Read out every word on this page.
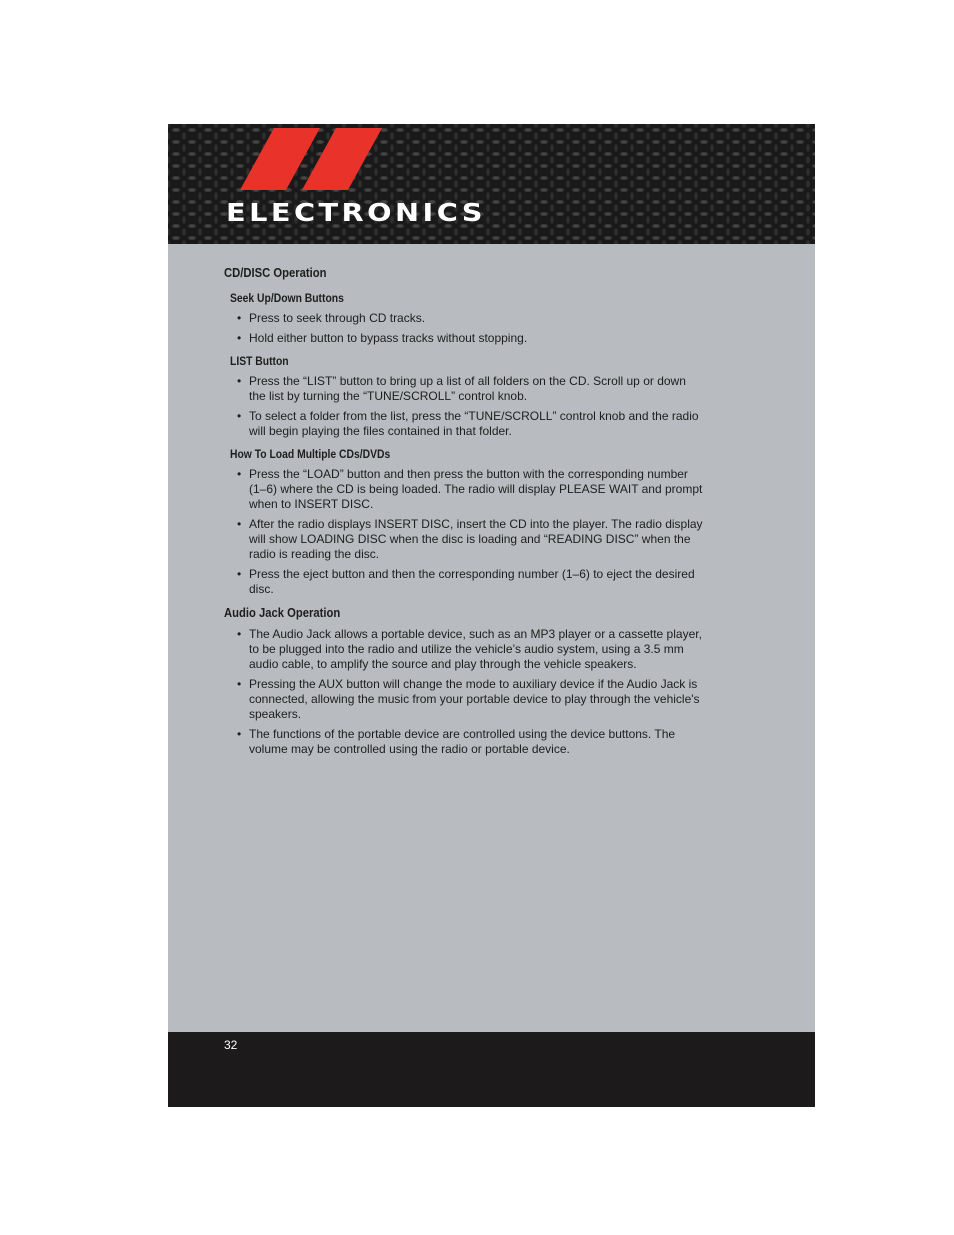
ELECTRONICS
CD/DISC Operation
Seek Up/Down Buttons
• Press to seek through CD tracks.
• Hold either button to bypass tracks without stopping.
LIST Button
• Press the “LIST” button to bring up a list of all folders on the CD. Scroll up or down the list by turning the “TUNE/SCROLL” control knob.
• To select a folder from the list, press the “TUNE/SCROLL” control knob and the radio will begin playing the files contained in that folder.
How To Load Multiple CDs/DVDs
• Press the “LOAD” button and then press the button with the corresponding number (1–6) where the CD is being loaded. The radio will display PLEASE WAIT and prompt when to INSERT DISC.
• After the radio displays INSERT DISC, insert the CD into the player. The radio display will show LOADING DISC when the disc is loading and “READING DISC” when the radio is reading the disc.
• Press the eject button and then the corresponding number (1–6) to eject the desired disc.
Audio Jack Operation
• The Audio Jack allows a portable device, such as an MP3 player or a cassette player, to be plugged into the radio and utilize the vehicle’s audio system, using a 3.5 mm audio cable, to amplify the source and play through the vehicle speakers.
• Pressing the AUX button will change the mode to auxiliary device if the Audio Jack is connected, allowing the music from your portable device to play through the vehicle's speakers.
• The functions of the portable device are controlled using the device buttons. The volume may be controlled using the radio or portable device.
32
